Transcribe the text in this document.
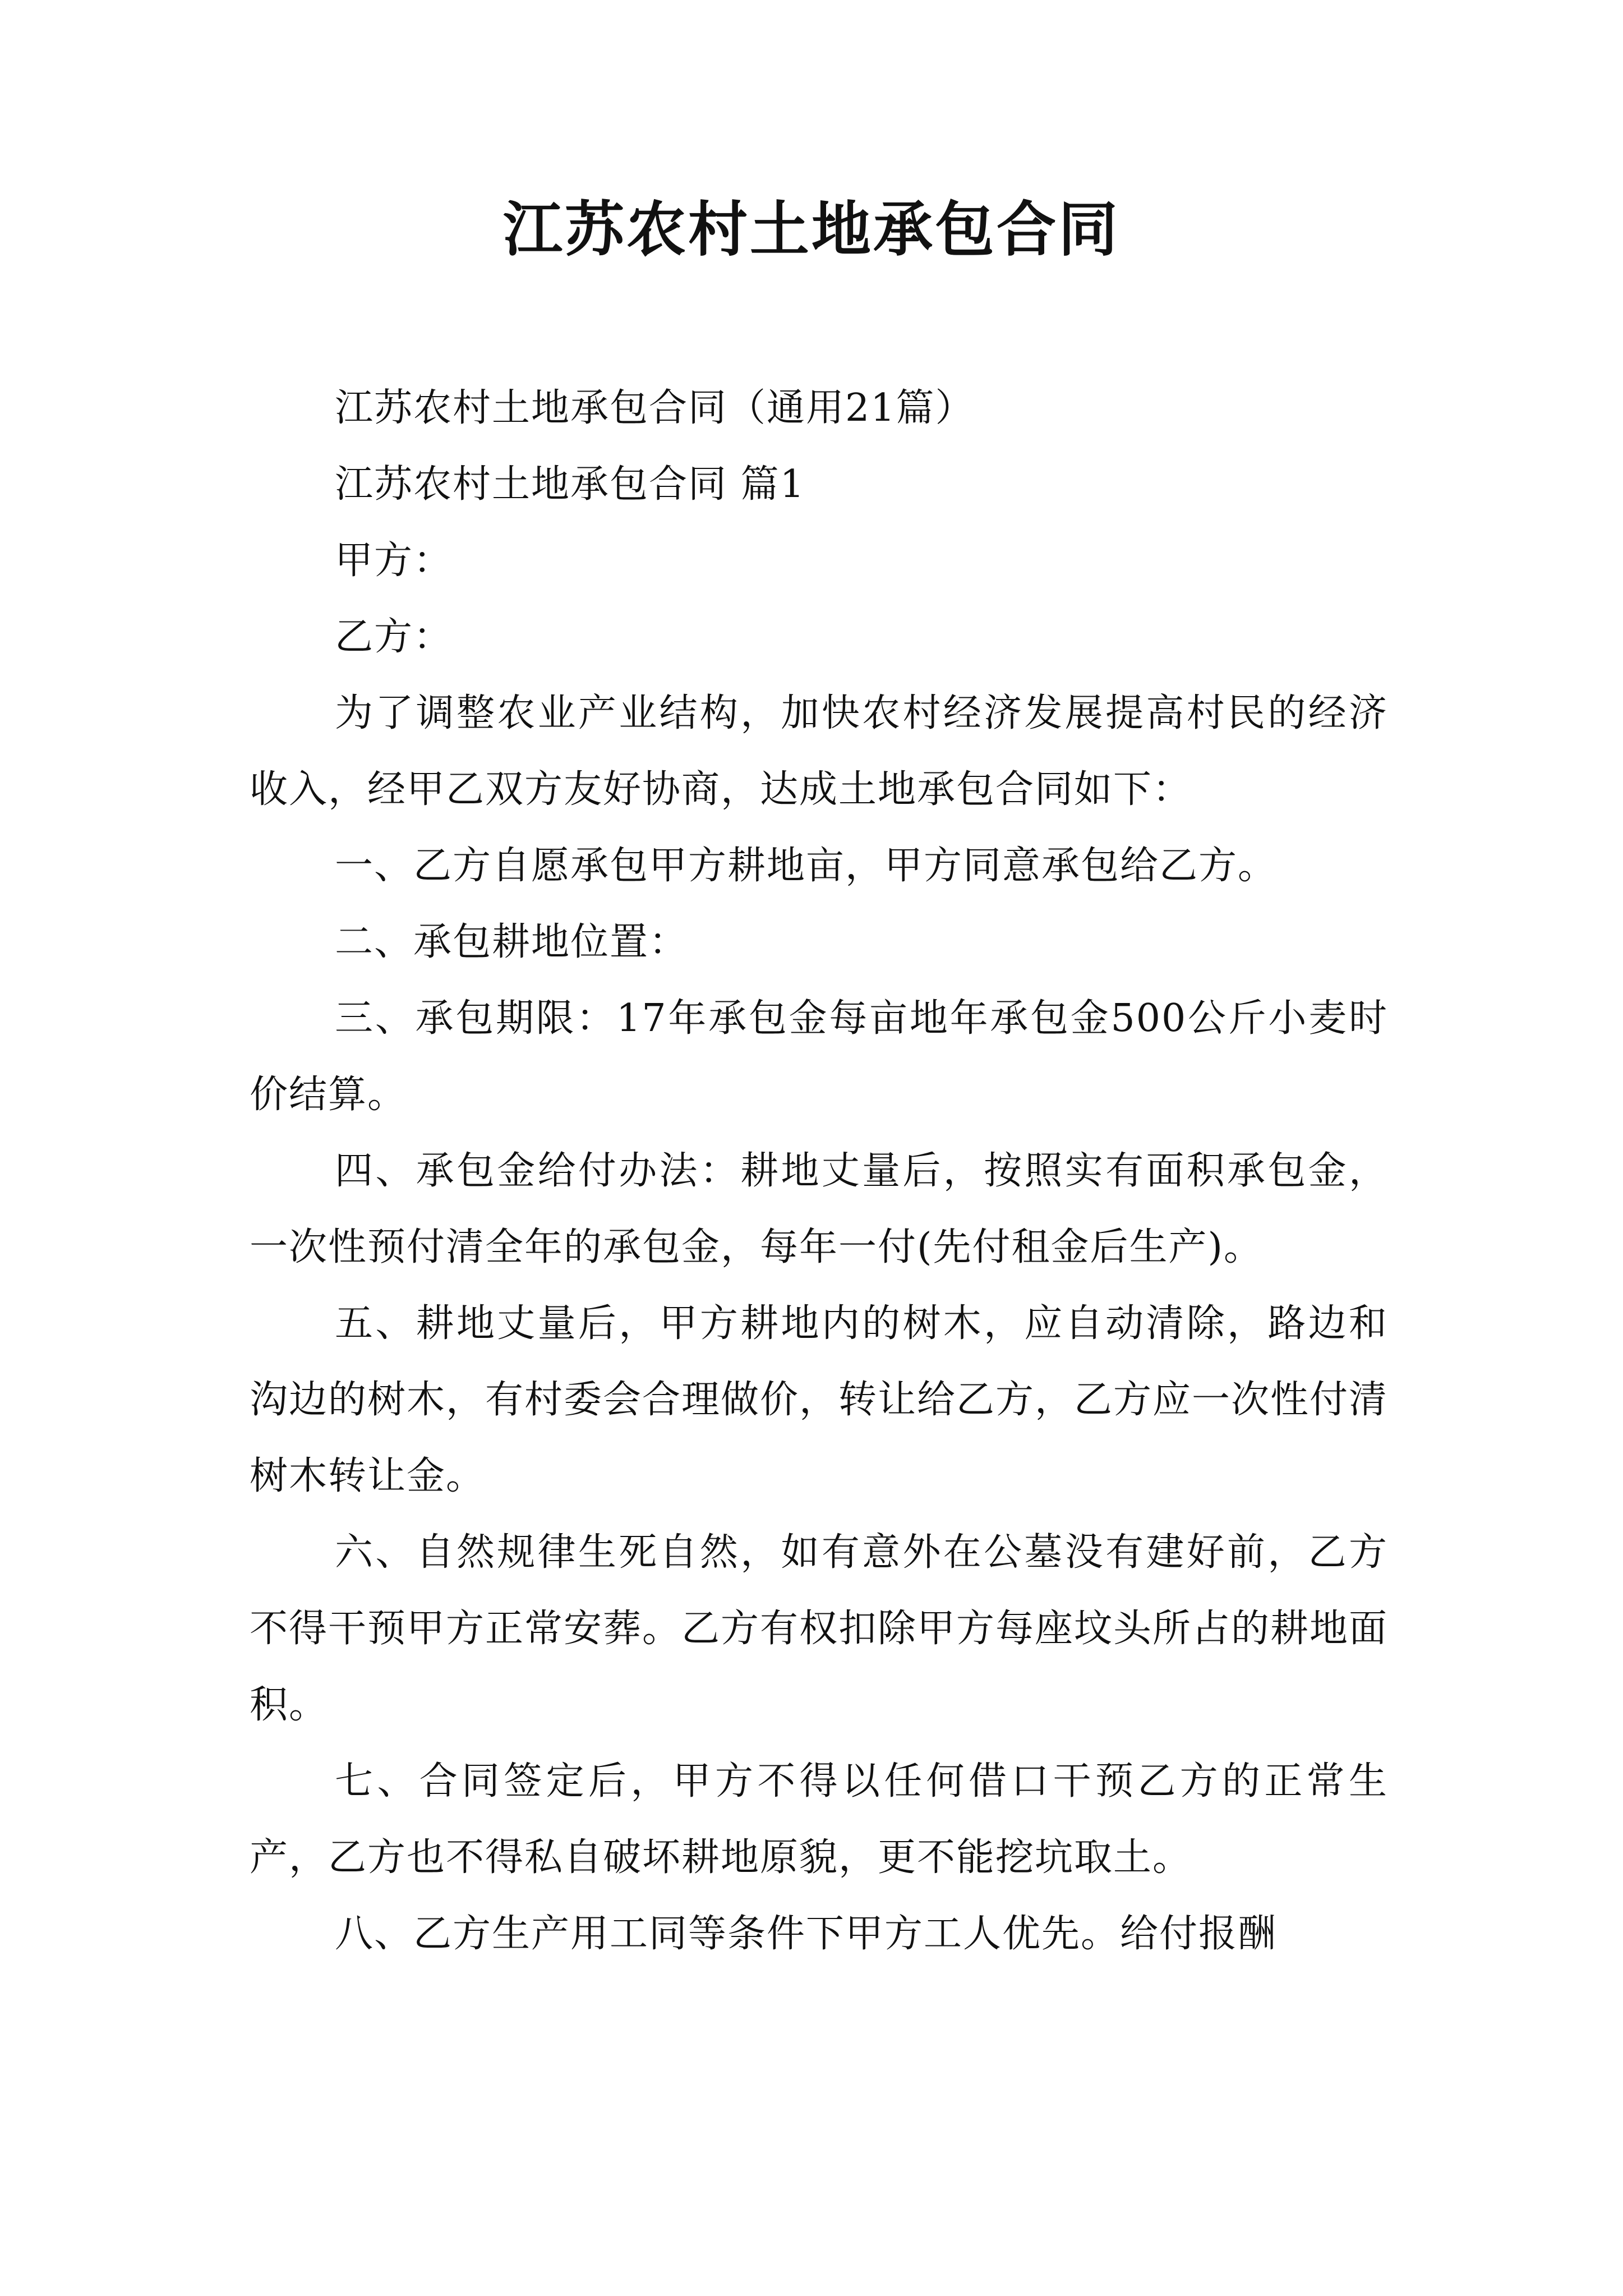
江苏农村土地承包合同

江苏农村土地承包合同（通用21篇）

江苏农村土地承包合同 篇1

甲方：

乙方：

为了调整农业产业结构，加快农村经济发展提高村民的经济收入，经甲乙双方友好协商，达成土地承包合同如下：

一、乙方自愿承包甲方耕地亩，甲方同意承包给乙方。

二、承包耕地位置：

三、承包期限：17年承包金每亩地年承包金500公斤小麦时价结算。

四、承包金给付办法：耕地丈量后，按照实有面积承包金，一次性预付清全年的承包金，每年一付(先付租金后生产)。

五、耕地丈量后，甲方耕地内的树木，应自动清除，路边和沟边的树木，有村委会合理做价，转让给乙方，乙方应一次性付清树木转让金。

六、自然规律生死自然，如有意外在公墓没有建好前，乙方不得干预甲方正常安葬。乙方有权扣除甲方每座坟头所占的耕地面积。

七、合同签定后，甲方不得以任何借口干预乙方的正常生产，乙方也不得私自破坏耕地原貌，更不能挖坑取土。

八、乙方生产用工同等条件下甲方工人优先。给付报酬
